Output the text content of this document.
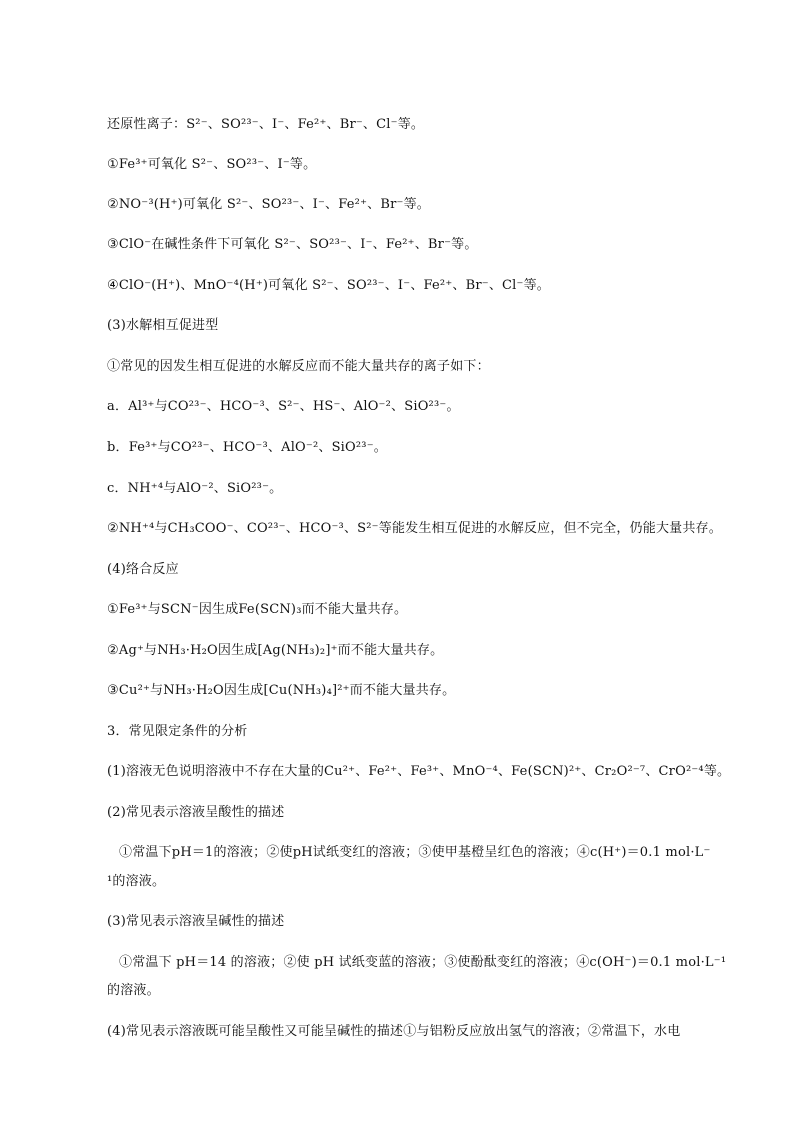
还原性离子：S²⁻、SO²³⁻、I⁻、Fe²⁺、Br⁻、Cl⁻等。
①Fe³⁺可氧化 S²⁻、SO²³⁻、I⁻等。
②NO⁻³(H⁺)可氧化 S²⁻、SO²³⁻、I⁻、Fe²⁺、Br⁻等。
③ClO⁻在碱性条件下可氧化 S²⁻、SO²³⁻、I⁻、Fe²⁺、Br⁻等。
④ClO⁻(H⁺)、MnO⁻⁴(H⁺)可氧化 S²⁻、SO²³⁻、I⁻、Fe²⁺、Br⁻、Cl⁻等。
(3)水解相互促进型
①常见的因发生相互促进的水解反应而不能大量共存的离子如下：
a．Al³⁺与CO²³⁻、HCO⁻³、S²⁻、HS⁻、AlO⁻²、SiO²³⁻。
b．Fe³⁺与CO²³⁻、HCO⁻³、AlO⁻²、SiO²³⁻。
c．NH⁺⁴与AlO⁻²、SiO²³⁻。
②NH⁺⁴与CH₃COO⁻、CO²³⁻、HCO⁻³、S²⁻等能发生相互促进的水解反应，但不完全，仍能大量共存。
(4)络合反应
①Fe³⁺与SCN⁻因生成Fe(SCN)₃而不能大量共存。
②Ag⁺与NH₃·H₂O因生成[Ag(NH₃)₂]⁺而不能大量共存。
③Cu²⁺与NH₃·H₂O因生成[Cu(NH₃)₄]²⁺而不能大量共存。
3．常见限定条件的分析
(1)溶液无色说明溶液中不存在大量的Cu²⁺、Fe²⁺、Fe³⁺、MnO⁻⁴、Fe(SCN)²⁺、Cr₂O²⁻⁷、CrO²⁻⁴等。
(2)常见表示溶液呈酸性的描述
①常温下pH＝1的溶液；②使pH试纸变红的溶液；③使甲基橙呈红色的溶液；④c(H⁺)＝0.1 mol·L⁻
¹的溶液。
(3)常见表示溶液呈碱性的描述
①常温下 pH＝14 的溶液；②使 pH 试纸变蓝的溶液；③使酚酞变红的溶液；④c(OH⁻)＝0.1 mol·L⁻¹
的溶液。
(4)常见表示溶液既可能呈酸性又可能呈碱性的描述①与铝粉反应放出氢气的溶液；②常温下，水电
